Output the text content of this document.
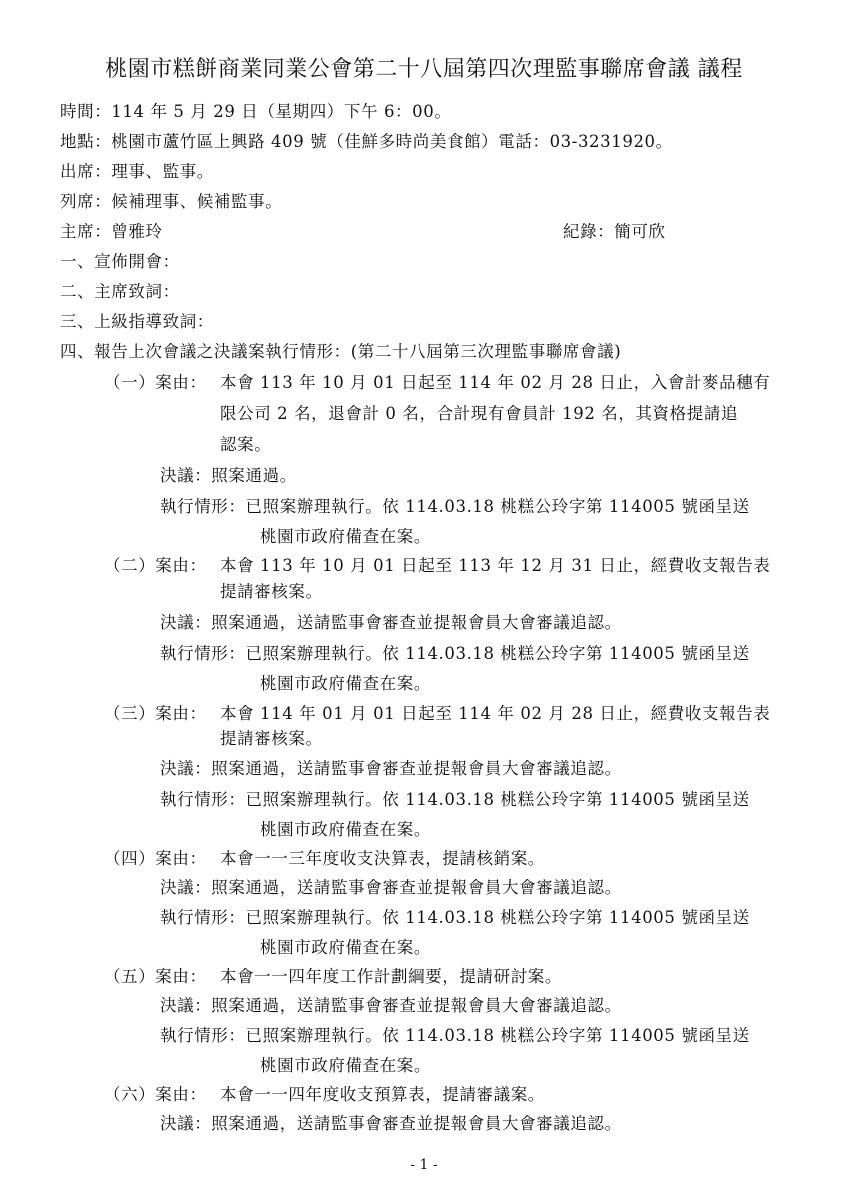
桃園市糕餅商業同業公會第二十八屆第四次理監事聯席會議 議程
時間：114 年 5 月 29 日（星期四）下午 6：00。
地點：桃園市蘆竹區上興路 409 號（佳鮮多時尚美食館）電話：03-3231920。
出席：理事、監事。
列席：候補理事、候補監事。
主席：曾雅玲	紀錄：簡可欣
一、宣佈開會：
二、主席致詞：
三、上級指導致詞：
四、報告上次會議之決議案執行情形：(第二十八屆第三次理監事聯席會議)
（一）案由： 本會 113 年 10 月 01 日起至 114 年 02 月 28 日止，入會計麥品穗有
限公司 2 名，退會計 0 名，合計現有會員計 192 名，其資格提請追
認案。
決議：照案通過。
執行情形：已照案辦理執行。依 114.03.18 桃糕公玲字第 114005 號函呈送
桃園市政府備查在案。
（二）案由： 本會 113 年 10 月 01 日起至 113 年 12 月 31 日止，經費收支報告表
提請審核案。
決議：照案通過，送請監事會審查並提報會員大會審議追認。
執行情形：已照案辦理執行。依 114.03.18 桃糕公玲字第 114005 號函呈送
桃園市政府備查在案。
（三）案由： 本會 114 年 01 月 01 日起至 114 年 02 月 28 日止，經費收支報告表
提請審核案。
決議：照案通過，送請監事會審查並提報會員大會審議追認。
執行情形：已照案辦理執行。依 114.03.18 桃糕公玲字第 114005 號函呈送
桃園市政府備查在案。
（四）案由： 本會一一三年度收支決算表，提請核銷案。
決議：照案通過，送請監事會審查並提報會員大會審議追認。
執行情形：已照案辦理執行。依 114.03.18 桃糕公玲字第 114005 號函呈送
桃園市政府備查在案。
（五）案由： 本會一一四年度工作計劃綱要，提請研討案。
決議：照案通過，送請監事會審查並提報會員大會審議追認。
執行情形：已照案辦理執行。依 114.03.18 桃糕公玲字第 114005 號函呈送
桃園市政府備查在案。
（六）案由： 本會一一四年度收支預算表，提請審議案。
決議：照案通過，送請監事會審查並提報會員大會審議追認。
- 1 -
